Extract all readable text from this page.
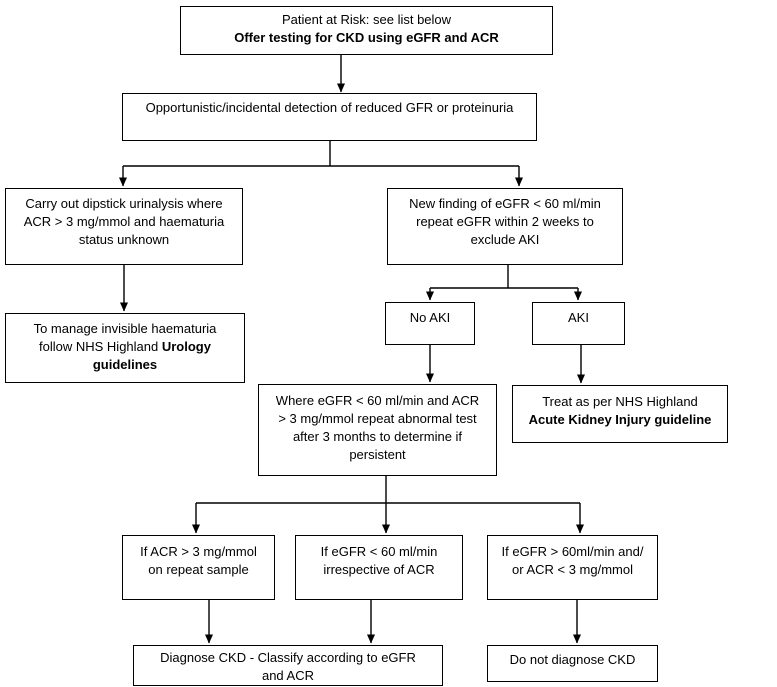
Patient at Risk: see list below
Offer testing for CKD using eGFR and ACR
Opportunistic/incidental detection of reduced GFR or proteinuria
Carry out dipstick urinalysis where
ACR > 3 mg/mmol and haematuria
status unknown
New finding of eGFR < 60 ml/min
repeat eGFR within 2 weeks to
exclude AKI
To manage invisible haematuria
follow NHS Highland Urology
guidelines
No AKI	AKI
Where eGFR < 60 ml/min and ACR
> 3 mg/mmol repeat abnormal test
after 3 months to determine if
persistent
Treat as per NHS Highland
Acute Kidney Injury guideline
If ACR > 3 mg/mmol
on repeat sample
If eGFR < 60 ml/min
irrespective of ACR
If eGFR > 60ml/min and/
or ACR < 3 mg/mmol
Diagnose CKD - Classify according to eGFR
and ACR
Do not diagnose CKD
